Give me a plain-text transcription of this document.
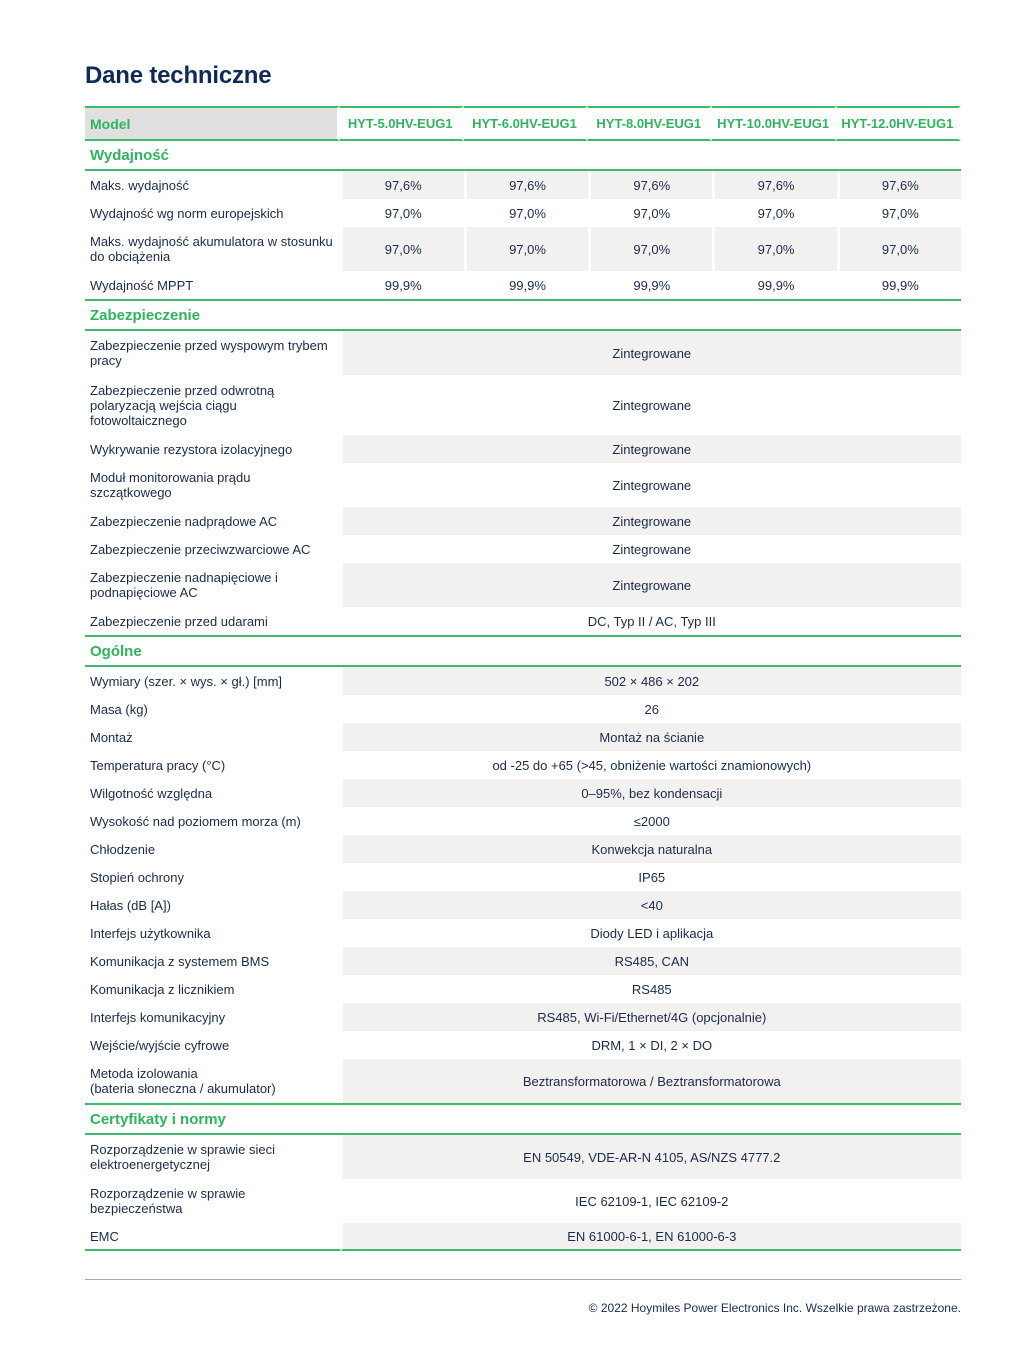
Dane techniczne
Model	HYT-5.0HV-EUG1	HYT-6.0HV-EUG1	HYT-8.0HV-EUG1	HYT-10.0HV-EUG1	HYT-12.0HV-EUG1
Wydajność					
Maks. wydajność	97,6%	97,6%	97,6%	97,6%	97,6%
Wydajność wg norm europejskich	97,0%	97,0%	97,0%	97,0%	97,0%
Maks. wydajność akumulatora w stosunku do obciążenia	97,0%	97,0%	97,0%	97,0%	97,0%
Wydajność MPPT	99,9%	99,9%	99,9%	99,9%	99,9%
Zabezpieczenie					
Zabezpieczenie przed wyspowym trybem pracy	Zintegrowane				
Zabezpieczenie przed odwrotną polaryzacją wejścia ciągu fotowoltaicznego	Zintegrowane				
Wykrywanie rezystora izolacyjnego	Zintegrowane				
Moduł monitorowania prądu szczątkowego	Zintegrowane				
Zabezpieczenie nadprądowe AC	Zintegrowane				
Zabezpieczenie przeciwzwarciowe AC	Zintegrowane				
Zabezpieczenie nadnapięciowe i podnapięciowe AC	Zintegrowane				
Zabezpieczenie przed udarami	DC, Typ II / AC, Typ III				
Ogólne					
Wymiary (szer. × wys. × gł.) [mm]	502 × 486 × 202				
Masa (kg)	26				
Montaż	Montaż na ścianie				
Temperatura pracy (°C)	od -25 do +65 (>45, obniżenie wartości znamionowych)				
Wilgotność względna	0–95%, bez kondensacji				
Wysokość nad poziomem morza (m)	≤2000				
Chłodzenie	Konwekcja naturalna				
Stopień ochrony	IP65				
Hałas (dB [A])	<40				
Interfejs użytkownika	Diody LED i aplikacja				
Komunikacja z systemem BMS	RS485, CAN				
Komunikacja z licznikiem	RS485				
Interfejs komunikacyjny	RS485, Wi-Fi/Ethernet/4G (opcjonalnie)				
Wejście/wyjście cyfrowe	DRM, 1 × DI, 2 × DO				
Metoda izolowania
(bateria słoneczna / akumulator)	Beztransformatorowa / Beztransformatorowa				
Certyfikaty i normy					
Rozporządzenie w sprawie sieci elektroenergetycznej	EN 50549, VDE-AR-N 4105, AS/NZS 4777.2				
Rozporządzenie w sprawie bezpieczeństwa	IEC 62109-1, IEC 62109-2				
EMC	EN 61000-6-1, EN 61000-6-3				
© 2022 Hoymiles Power Electronics Inc. Wszelkie prawa zastrzeżone.
